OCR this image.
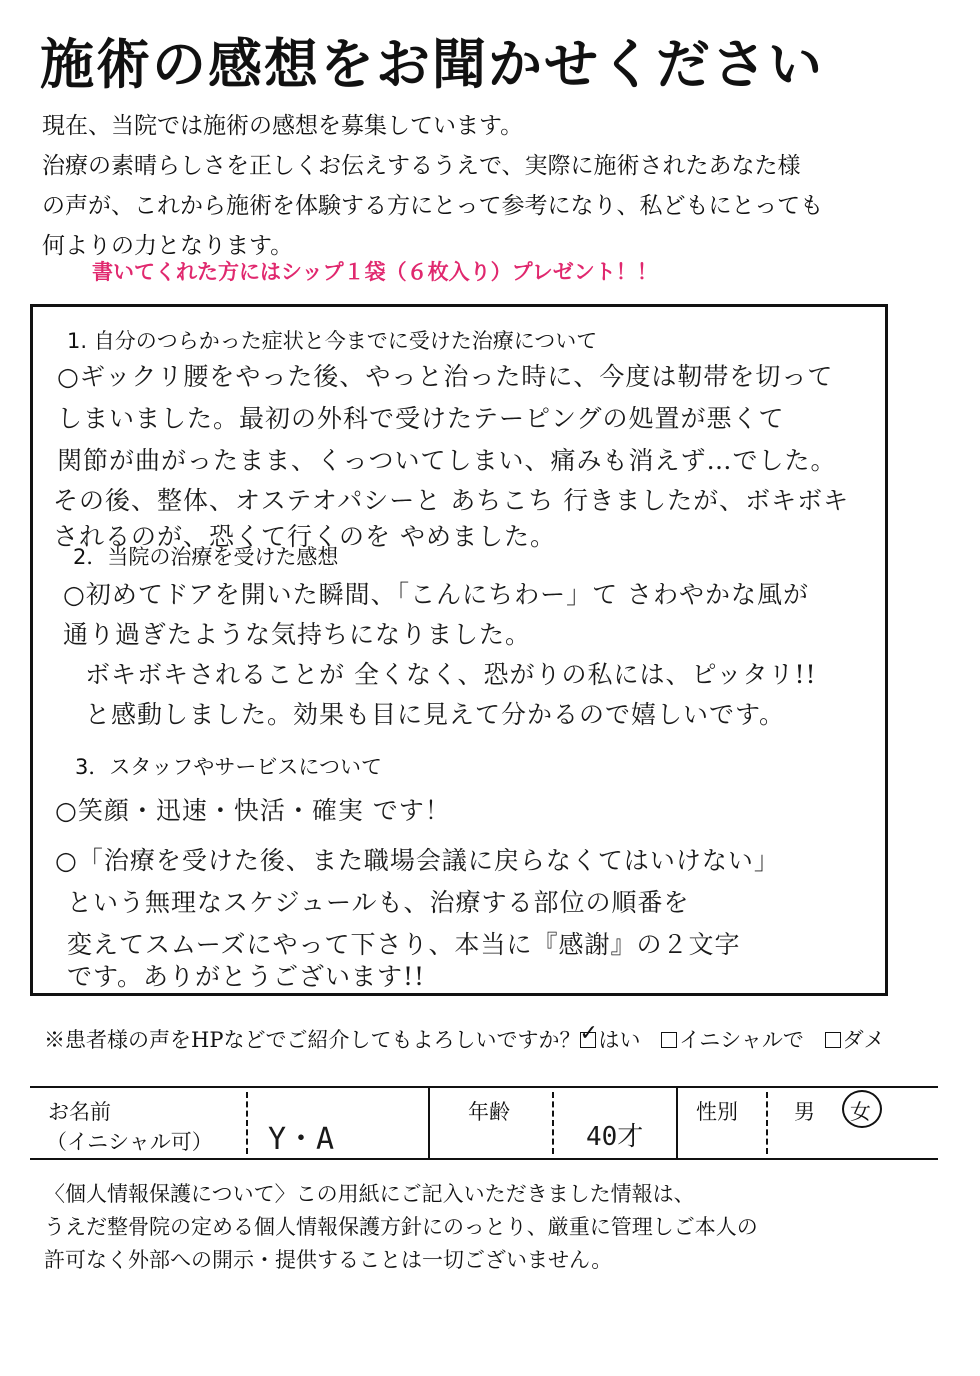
施術の感想をお聞かせください
現在、当院では施術の感想を募集しています。
治療の素晴らしさを正しくお伝えするうえで、実際に施術されたあなた様
の声が、これから施術を体験する方にとって参考になり、私どもにとっても
何よりの力となります。
書いてくれた方にはシップ１袋（６枚入り）プレゼント！！
1. 自分のつらかった症状と今までに受けた治療について
○ギックリ腰をやった後、やっと治った時に、今度は靭帯を切って
しまいました。最初の外科で受けたテーピングの処置が悪くて
関節が曲がったまま、くっついてしまい、痛みも消えず…でした。
その後、整体、オステオパシーと あちこち 行きましたが、ボキボキ
されるのが、恐くて行くのを やめました。
2．当院の治療を受けた感想
○初めてドアを開いた瞬間、「こんにちわー」て さわやかな風が
通り過ぎたような気持ちになりました。
ボキボキされることが 全くなく、恐がりの私には、ピッタリ!!
と感動しました。効果も目に見えて分かるので嬉しいです。
3．スタッフやサービスについて
○笑顔・迅速・快活・確実 です！
○「治療を受けた後、また職場会議に戻らなくてはいけない」
という無理なスケジュールも、治療する部位の順番を
変えてスムーズにやって下さり、本当に『感謝』の２文字
です。ありがとうございます!!
※患者様の声をHPなどでご紹介してもよろしいですか？ ✓ はい イニシャルで ダメ
お名前
（イニシャル可） Y・A
年齢
40才
性別	男 女
〈個人情報保護について〉この用紙にご記入いただきました情報は、
うえだ整骨院の定める個人情報保護方針にのっとり、厳重に管理しご本人の
許可なく外部への開示・提供することは一切ございません。
